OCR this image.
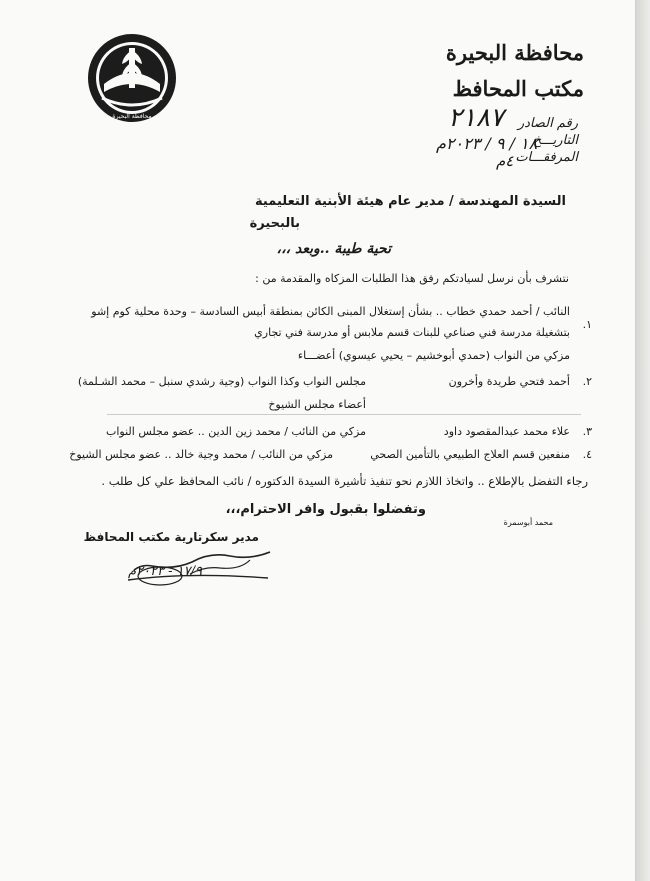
محافظة البحيرة
محافظة البحيرة
مكتب المحافظ
٢١٨٧ رقم الصادر
التاريـــخ
المرفقـــات
١٨ / ٩ / ٢٠٢٣م
٤م
السيدة المهندسة / مدير عام هيئة الأبنية التعليمية
بالبحيرة
تحية طيبة ..وبعد ،،،
نتشرف بأن نرسل لسيادتكم رفق هذا الطلبات المزكاه والمقدمة من :
١.
النائب / أحمد حمدي خطاب .. بشأن إستغلال المبنى الكائن بمنطقة أبيس السادسة – وحدة محلية كوم إشو
بتشغيلة مدرسة فني صناعي للبنات قسم ملابس أو مدرسة فني تجاري
مزكي من النواب (حمدي أبوخشيم – يحيي عيسوي) أعضـــاء
٢.
أحمد فتحي طريدة وأخرون
مجلس النواب وكذا النواب (وجية رشدي سنبل – محمد الشـلمة)
أعضاء مجلس الشيوخ
٣.
علاء محمد عبدالمقصود داود
مزكي من النائب / محمد زين الدين .. عضو مجلس النواب
٤.
منفعين قسم العلاج الطبيعي بالتأمين الصحي
مزكي من النائب / محمد وجية خالد .. عضو مجلس الشيوخ
رجاء التفضل بالإطلاع .. واتخاذ اللازم نحو تنفيذ تأشيرة السيدة الدكتوره / نائب المحافظ علي كل طلب .
وتفضلوا بقبول وافر الاحترام،،،
محمد أبوسمرة
مدير سكرتارية مكتب المحافظ
١٧/٩ - ٢٠٢٣م
